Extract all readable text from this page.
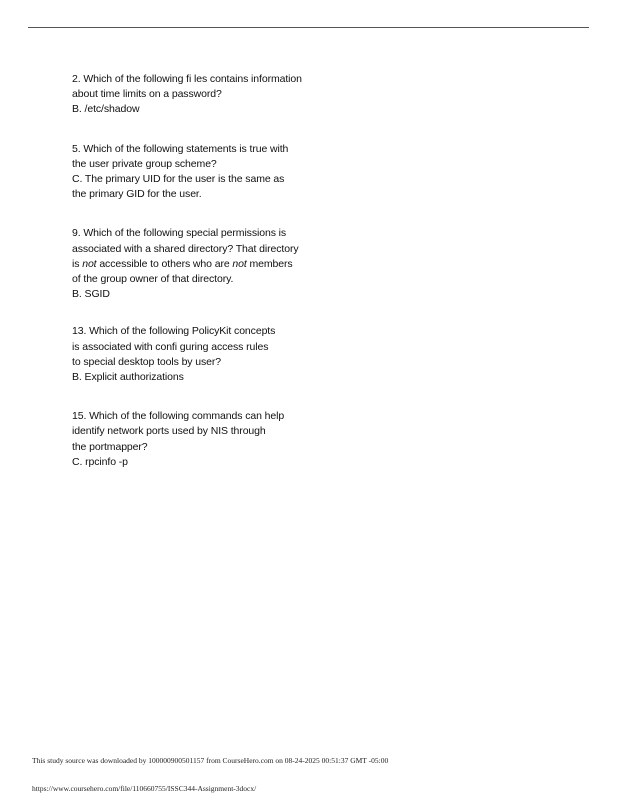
2. Which of the following fi les contains information
about time limits on a password?
B. /etc/shadow
5. Which of the following statements is true with
the user private group scheme?
C. The primary UID for the user is the same as
the primary GID for the user.
9. Which of the following special permissions is
associated with a shared directory? That directory
is not accessible to others who are not members
of the group owner of that directory.
B. SGID
13. Which of the following PolicyKit concepts
is associated with confi guring access rules
to special desktop tools by user?
B. Explicit authorizations
15. Which of the following commands can help
identify network ports used by NIS through
the portmapper?
C. rpcinfo -p
This study source was downloaded by 100000900501157 from CourseHero.com on 08-24-2025 00:51:37 GMT -05:00
https://www.coursehero.com/file/110660755/ISSC344-Assignment-3docx/
